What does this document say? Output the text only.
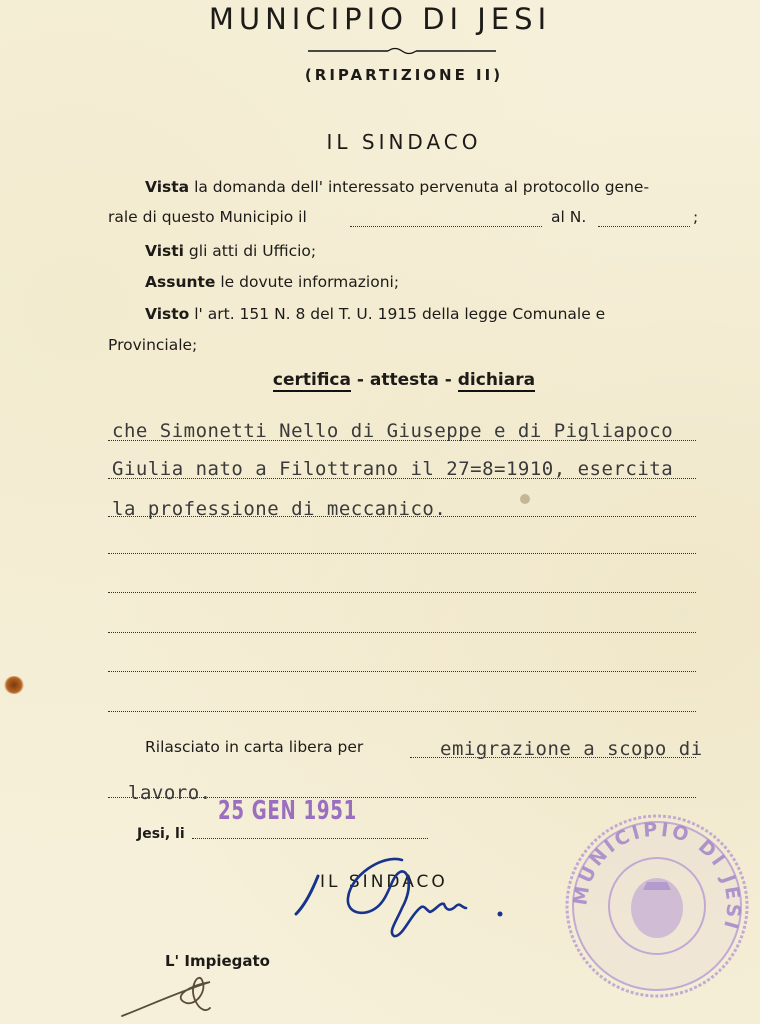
MUNICIPIO DI JESI
(RIPARTIZIONE II)
IL SINDACO
Vista la domanda dell' interessato pervenuta al protocollo gene-
rale di questo Municipio il	al N.	;
Visti gli atti di Ufficio;
Assunte le dovute informazioni;
Visto l' art. 151 N. 8 del T. U. 1915 della legge Comunale e
Provinciale;
certifica - attesta - dichiara
che Simonetti Nello di Giuseppe e di Pigliapoco
Giulia nato a Filottrano il 27=8=1910, esercita
la professione di meccanico.
Rilasciato in carta libera per	emigrazione a scopo di
lavoro.
Jesi, li
25 GEN 1951
IL SINDACO
L' Impiegato
MUNICIPIO DI JESI
